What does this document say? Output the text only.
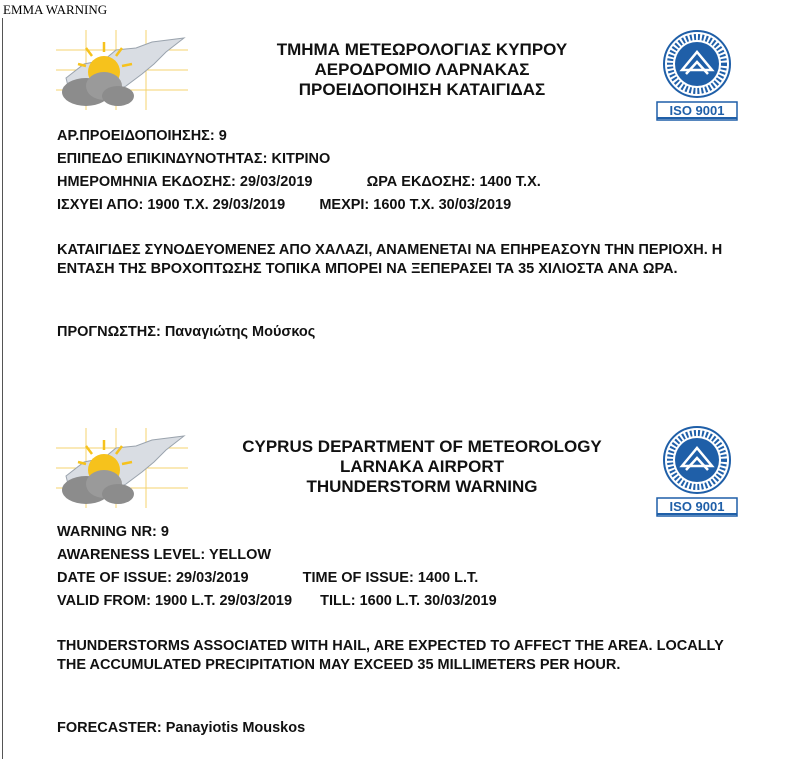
EMMA WARNING
ΤΜΗΜΑ ΜΕΤΕΩΡΟΛΟΓΙΑΣ ΚΥΠΡΟΥ
ΑΕΡΟΔΡΟΜΙΟ ΛΑΡΝΑΚΑΣ
ΠΡΟΕΙΔΟΠΟΙΗΣΗ ΚΑΤΑΙΓΙΔΑΣ
ISO 9001
ΑΡ.ΠΡΟΕΙΔΟΠΟΙΗΣΗΣ: 9
ΕΠΙΠΕΔΟ ΕΠΙΚΙΝΔΥΝΟΤΗΤΑΣ: ΚΙΤΡΙΝΟ
ΗΜΕΡΟΜΗΝΙΑ ΕΚΔΟΣΗΣ: 29/03/2019	ΩΡΑ ΕΚΔΟΣΗΣ: 1400 Τ.Χ.
ΙΣΧΥΕΙ ΑΠΟ: 1900 Τ.Χ. 29/03/2019 ΜΕΧΡΙ: 1600 Τ.Χ. 30/03/2019
ΚΑΤΑΙΓΙΔΕΣ ΣΥΝΟΔΕΥΟΜΕΝΕΣ ΑΠΟ ΧΑΛΑΖΙ, ΑΝΑΜΕΝΕΤΑΙ ΝΑ ΕΠΗΡΕΑΣΟΥΝ ΤΗΝ ΠΕΡΙΟΧΗ. Η ΕΝΤΑΣΗ ΤΗΣ ΒΡΟΧΟΠΤΩΣΗΣ ΤΟΠΙΚΑ ΜΠΟΡΕΙ ΝΑ ΞΕΠΕΡΑΣΕΙ ΤΑ 35 ΧΙΛΙΟΣΤΑ ΑΝΑ ΩΡΑ.
ΠΡΟΓΝΩΣΤΗΣ: Παναγιώτης Μούσκος
CYPRUS DEPARTMENT OF METEOROLOGY
LARNAKA AIRPORT
THUNDERSTORM WARNING
ISO 9001
WARNING NR: 9
AWARENESS LEVEL: YELLOW
DATE OF ISSUE: 29/03/2019	TIME OF ISSUE: 1400 L.T.
VALID FROM: 1900 L.T. 29/03/2019 TILL: 1600 L.T. 30/03/2019
THUNDERSTORMS ASSOCIATED WITH HAIL, ARE EXPECTED TO AFFECT THE AREA. LOCALLY THE ACCUMULATED PRECIPITATION MAY EXCEED 35 MILLIMETERS PER HOUR.
FORECASTER: Panayiotis Mouskos
